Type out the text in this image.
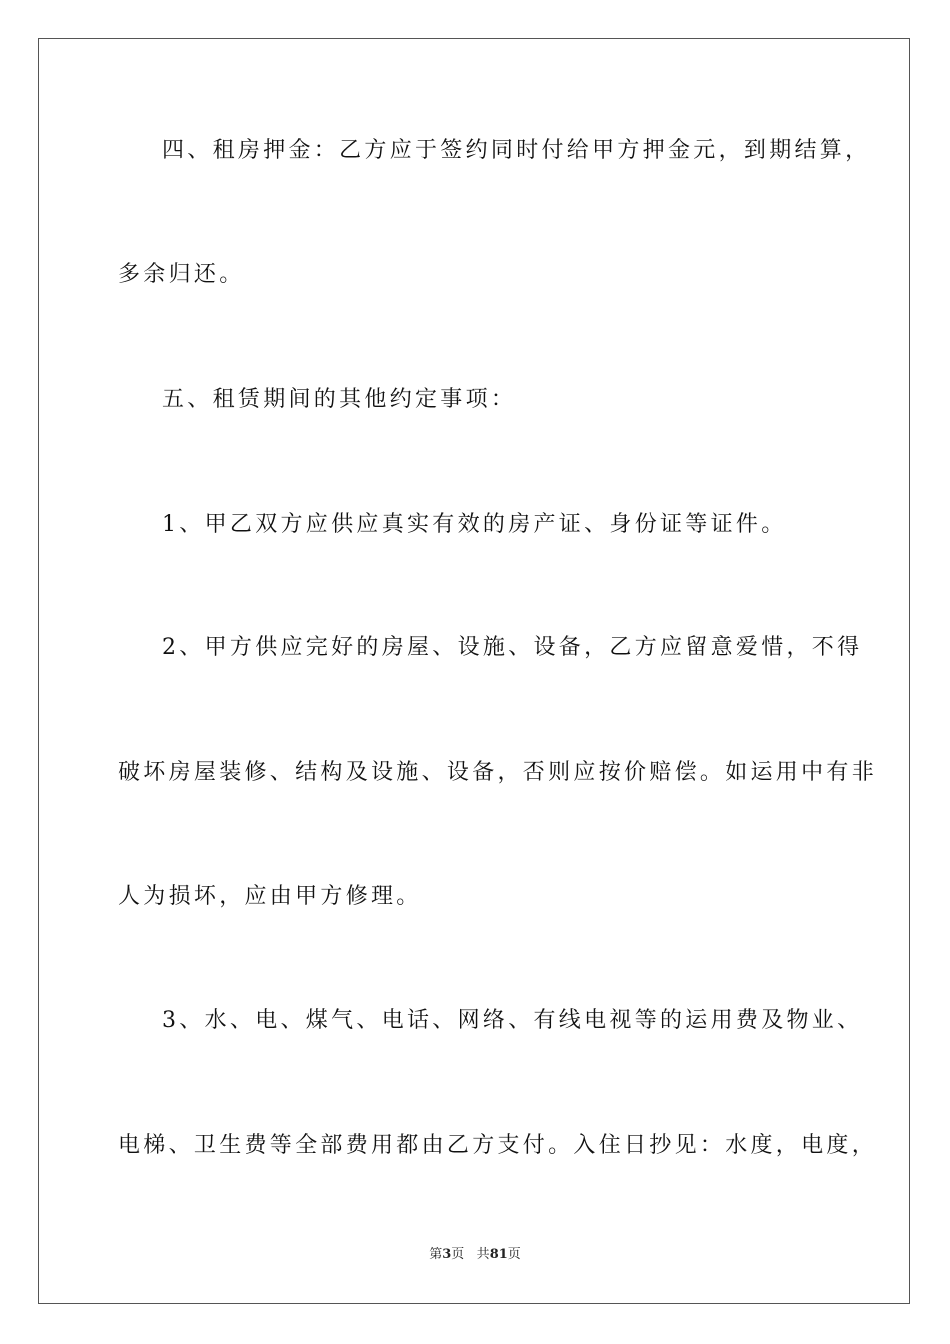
四、租房押金：乙方应于签约同时付给甲方押金元，到期结算，
多余归还。
五、租赁期间的其他约定事项：
1、甲乙双方应供应真实有效的房产证、身份证等证件。
2、甲方供应完好的房屋、设施、设备，乙方应留意爱惜，不得
破坏房屋装修、结构及设施、设备，否则应按价赔偿。如运用中有非
人为损坏，应由甲方修理。
3、水、电、煤气、电话、网络、有线电视等的运用费及物业、
电梯、卫生费等全部费用都由乙方支付。入住日抄见：水度，电度，
第3页 共81页
